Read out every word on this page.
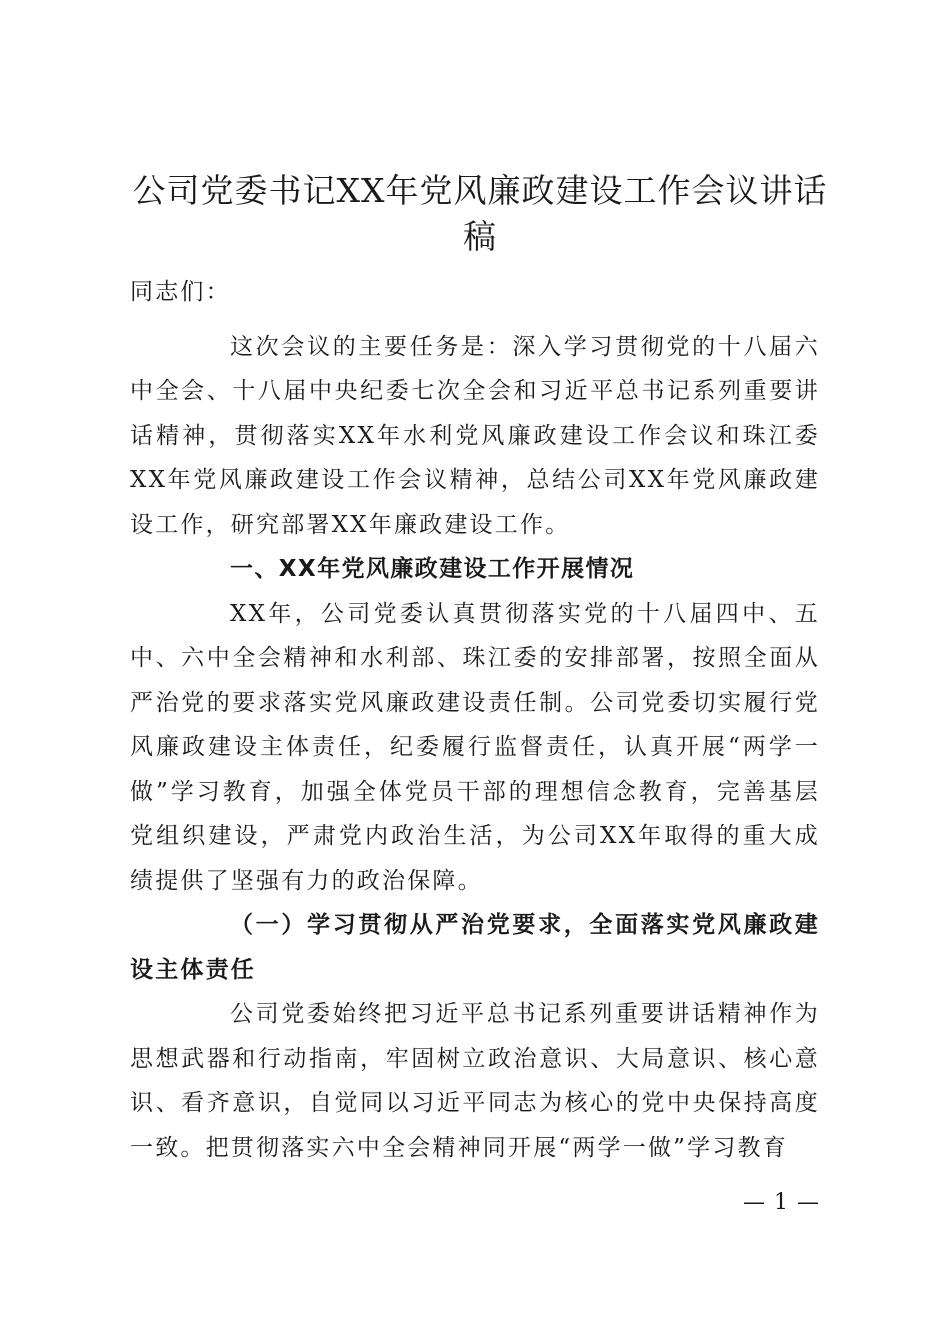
公司党委书记XX年党风廉政建设工作会议讲话稿

同志们：

这次会议的主要任务是：深入学习贯彻党的十八届六中全会、十八届中央纪委七次全会和习近平总书记系列重要讲话精神，贯彻落实XX年水利党风廉政建设工作会议和珠江委XX年党风廉政建设工作会议精神，总结公司XX年党风廉政建设工作，研究部署XX年廉政建设工作。

一、XX年党风廉政建设工作开展情况

XX年，公司党委认真贯彻落实党的十八届四中、五中、六中全会精神和水利部、珠江委的安排部署，按照全面从严治党的要求落实党风廉政建设责任制。公司党委切实履行党风廉政建设主体责任，纪委履行监督责任，认真开展“两学一做”学习教育，加强全体党员干部的理想信念教育，完善基层党组织建设，严肃党内政治生活，为公司XX年取得的重大成绩提供了坚强有力的政治保障。

（一）学习贯彻从严治党要求，全面落实党风廉政建设主体责任

公司党委始终把习近平总书记系列重要讲话精神作为思想武器和行动指南，牢固树立政治意识、大局意识、核心意识、看齐意识，自觉同以习近平同志为核心的党中央保持高度一致。把贯彻落实六中全会精神同开展“两学一做”学习教育

— 1 —
